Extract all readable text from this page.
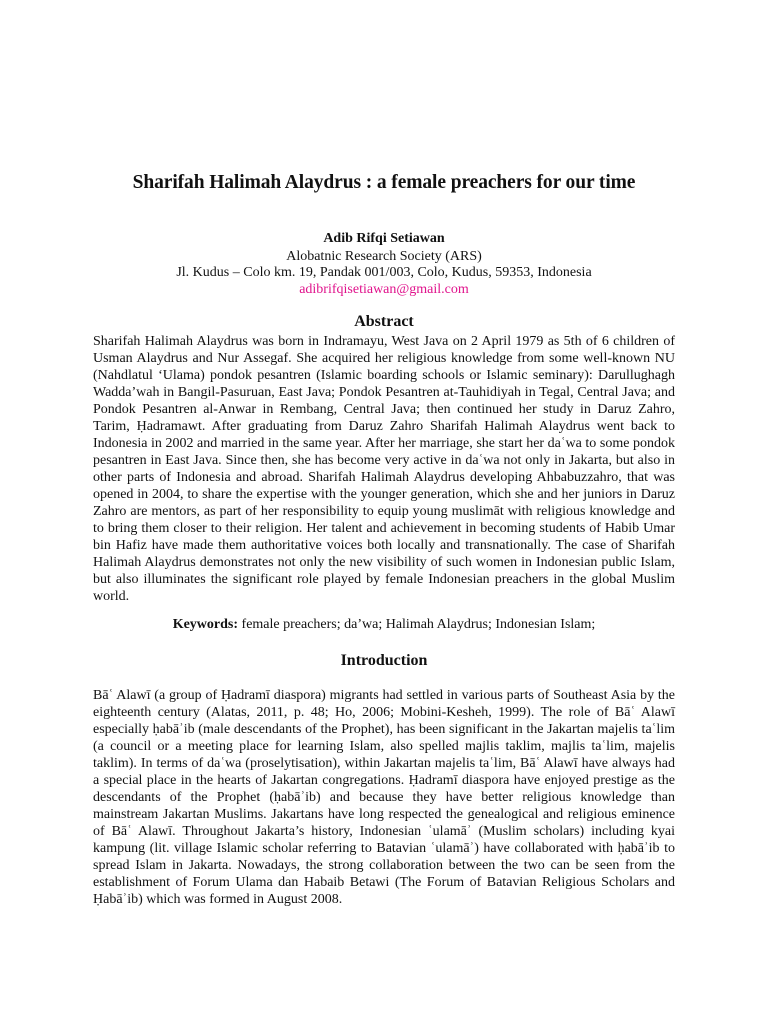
Sharifah Halimah Alaydrus : a female preachers for our time
Adib Rifqi Setiawan
Alobatnic Research Society (ARS)
Jl. Kudus – Colo km. 19, Pandak 001/003, Colo, Kudus, 59353, Indonesia
adibrifqisetiawan@gmail.com
Abstract

Sharifah Halimah Alaydrus was born in Indramayu, West Java on 2 April 1979 as 5th of 6 children of Usman Alaydrus and Nur Assegaf. She acquired her religious knowledge from some well-known NU (Nahdlatul ‘Ulama) pondok pesantren (Islamic boarding schools or Islamic seminary): Darullughagh Wadda’wah in Bangil-Pasuruan, East Java; Pondok Pesantren at-Tauhidiyah in Tegal, Central Java; and Pondok Pesantren al-Anwar in Rembang, Central Java; then continued her study in Daruz Zahro, Tarim, Ḥadramawt. After graduating from Daruz Zahro Sharifah Halimah Alaydrus went back to Indonesia in 2002 and married in the same year. After her marriage, she start her daʿwa to some pondok pesantren in East Java. Since then, she has become very active in daʿwa not only in Jakarta, but also in other parts of Indonesia and abroad. Sharifah Halimah Alaydrus developing Ahbabuzzahro, that was opened in 2004, to share the expertise with the younger generation, which she and her juniors in Daruz Zahro are mentors, as part of her responsibility to equip young muslimāt with religious knowledge and to bring them closer to their religion. Her talent and achievement in becoming students of Habib Umar bin Hafiz have made them authoritative voices both locally and transnationally. The case of Sharifah Halimah Alaydrus demonstrates not only the new visibility of such women in Indonesian public Islam, but also illuminates the significant role played by female Indonesian preachers in the global Muslim world.

Keywords: female preachers; da’wa; Halimah Alaydrus; Indonesian Islam;
Introduction

Bāʿ Alawī (a group of Ḥadramī diaspora) migrants had settled in various parts of Southeast Asia by the eighteenth century (Alatas, 2011, p. 48; Ho, 2006; Mobini-Kesheh, 1999). The role of Bāʿ Alawī especially ḥabāʾib (male descendants of the Prophet), has been significant in the Jakartan majelis taʿlim (a council or a meeting place for learning Islam, also spelled majlis taklim, majlis taʿlim, majelis taklim). In terms of daʿwa (proselytisation), within Jakartan majelis taʿlim, Bāʿ Alawī have always had a special place in the hearts of Jakartan congregations. Ḥadramī diaspora have enjoyed prestige as the descendants of the Prophet (ḥabāʾib) and because they have better religious knowledge than mainstream Jakartan Muslims. Jakartans have long respected the genealogical and religious eminence of Bāʿ Alawī. Throughout Jakarta’s history, Indonesian ʿulamāʾ (Muslim scholars) including kyai kampung (lit. village Islamic scholar referring to Batavian ʿulamāʾ) have collaborated with ḥabāʾib to spread Islam in Jakarta. Nowadays, the strong collaboration between the two can be seen from the establishment of Forum Ulama dan Habaib Betawi (The Forum of Batavian Religious Scholars and Ḥabāʾib) which was formed in August 2008.
